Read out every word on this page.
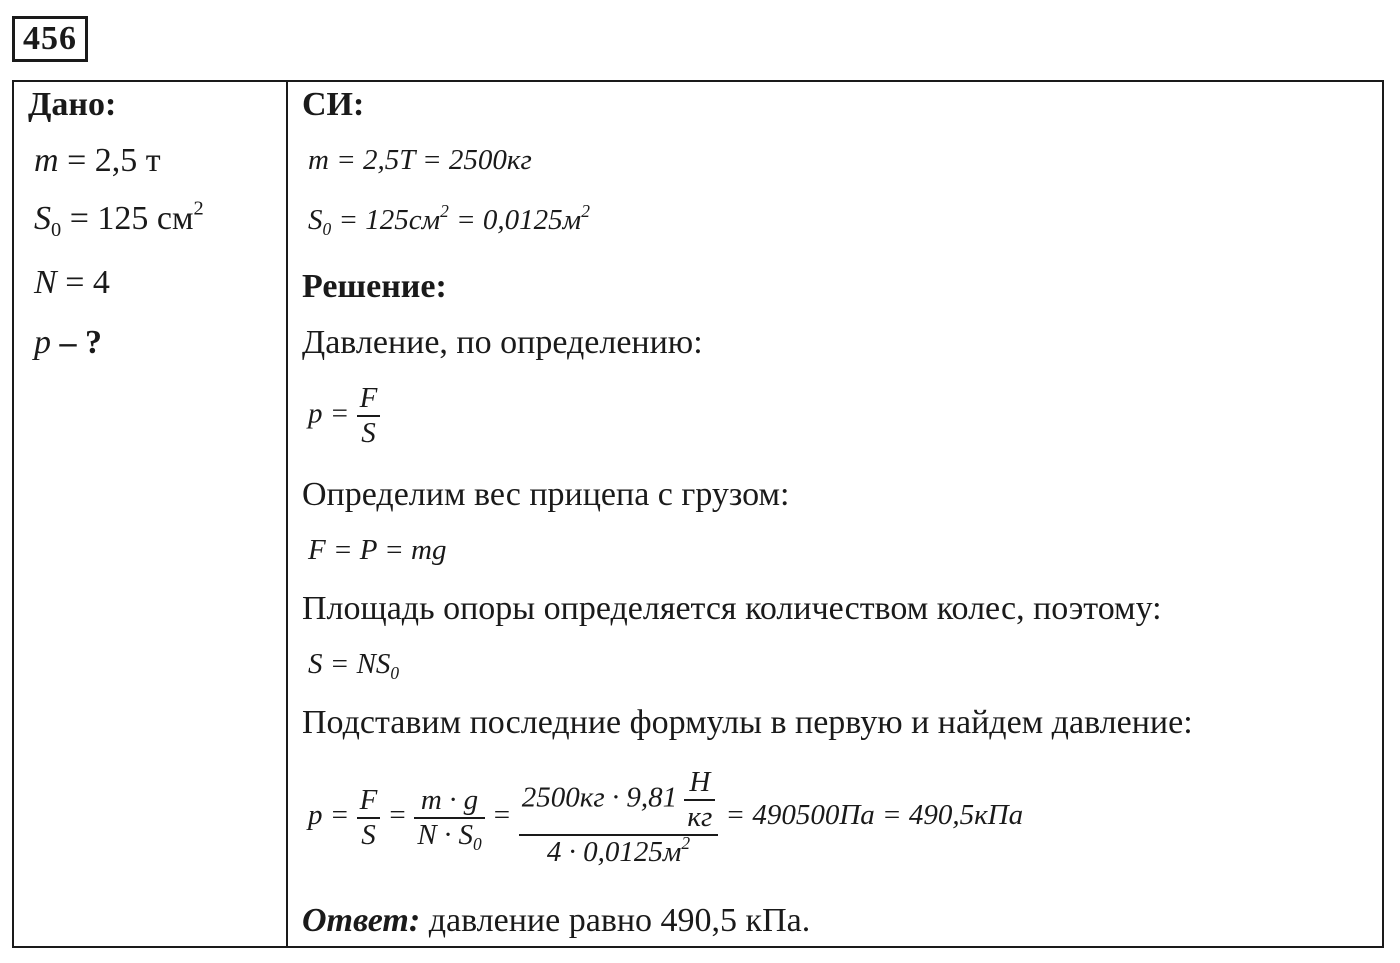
456
Дано:
m = 2,5 т
$S_0 = 125$ $см^2$
N = 4
p – ?
СИ:
m = 2,5T = 2500кг
$S_0 = 125см^2 = 0,0125м^2$
Решение:
Давление, по определению:
$p = \frac{F}{S}$
Определим вес прицепа с грузом:
F = P = mg
Площадь опоры определяется количеством колес, поэтому:
$S = NS_0$
Подставим последние формулы в первую и найдем давление:
$p = \frac{F}{S} = \frac{m \cdot g}{N \cdot S_0} = \frac{2500кг \cdot 9,81 \frac{Н}{кг}}{4 \cdot 0,0125м^2} = 490500Па = 490,5кПа$
Ответ: давление равно 490,5 кПа.
